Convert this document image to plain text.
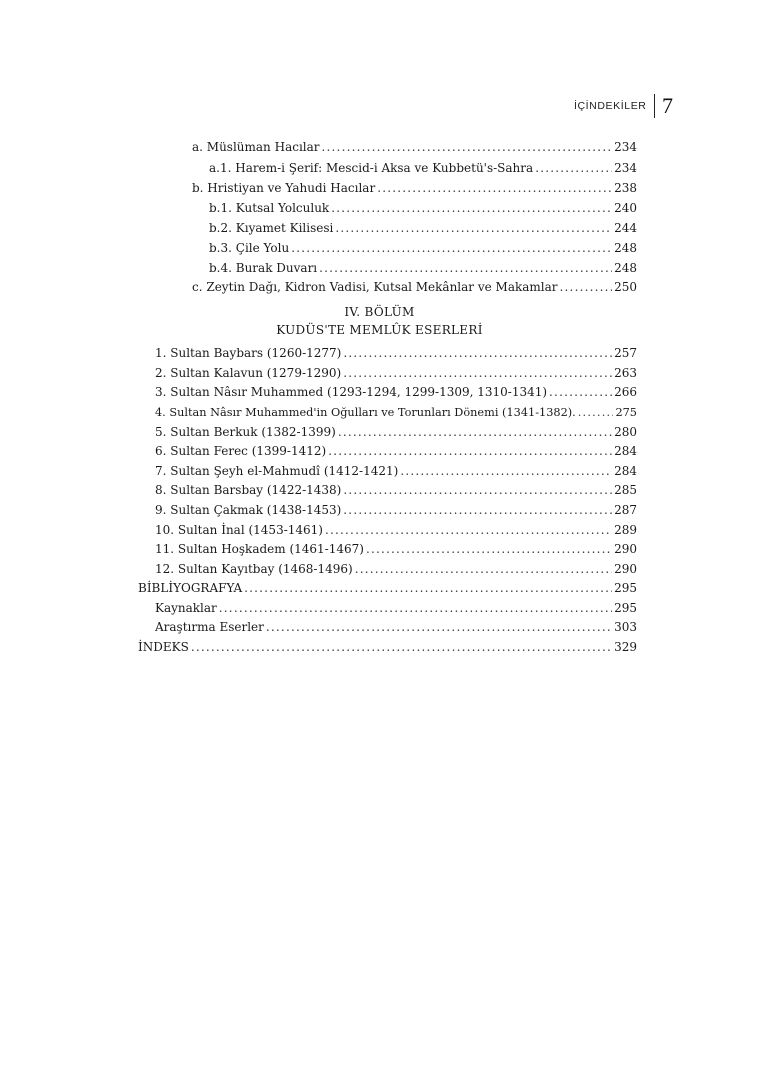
İÇİNDEKİLER 7
a. Müslüman Hacılar .....	234
a.1. Harem-i Şerif: Mescid-i Aksa ve Kubbetü's-Sahra .....	234
b. Hristiyan ve Yahudi Hacılar .....	238
b.1. Kutsal Yolculuk .....	240
b.2. Kıyamet Kilisesi .....	244
b.3. Çile Yolu .....	248
b.4. Burak Duvarı .....	248
c. Zeytin Dağı, Kidron Vadisi, Kutsal Mekânlar ve Makamlar .....	250
IV. BÖLÜM
KUDÜS'TE MEMLÛK ESERLERİ
1. Sultan Baybars (1260-1277) .....	257
2. Sultan Kalavun (1279-1290) .....	263
3. Sultan Nâsır Muhammed (1293-1294, 1299-1309, 1310-1341) .....	266
4. Sultan Nâsır Muhammed'in Oğulları ve Torunları Dönemi (1341-1382). .....	275
5. Sultan Berkuk (1382-1399) .....	280
6. Sultan Ferec (1399-1412) .....	284
7. Sultan Şeyh el-Mahmudî (1412-1421) .....	284
8. Sultan Barsbay (1422-1438) .....	285
9. Sultan Çakmak (1438-1453) .....	287
10. Sultan İnal (1453-1461) .....	289
11. Sultan Hoşkadem (1461-1467) .....	290
12. Sultan Kayıtbay (1468-1496) .....	290
BİBLİYOGRAFYA .....	295
Kaynaklar .....	295
Araştırma Eserler .....	303
İNDEKS .....	329
